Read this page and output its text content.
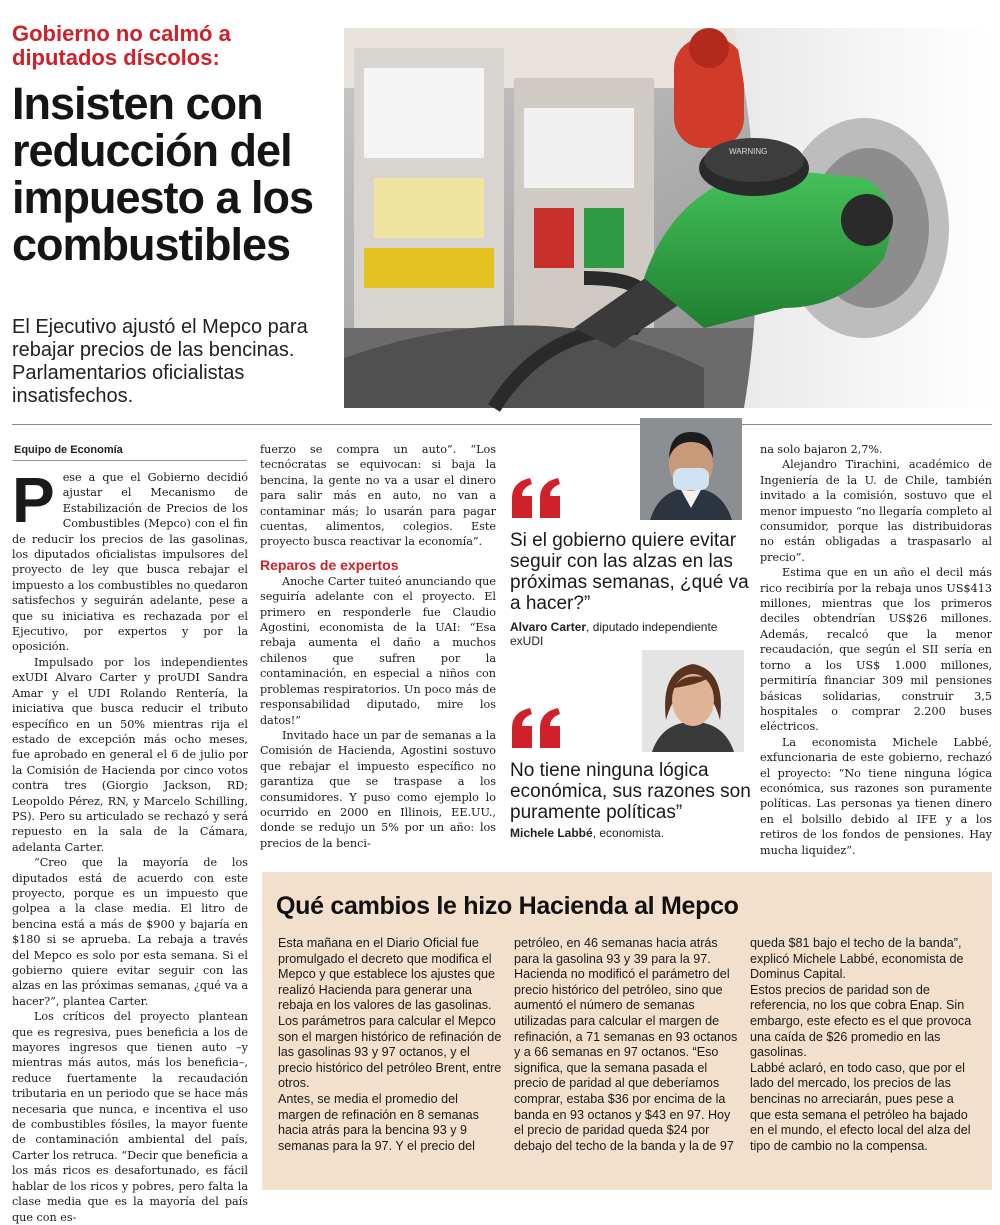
Gobierno no calmó a diputados díscolos:
Insisten con reducción del impuesto a los combustibles
El Ejecutivo ajustó el Mepco para rebajar precios de las bencinas. Parlamentarios oficialistas insatisfechos.
WARNING
Equipo de Economía

Pese a que el Gobierno decidió ajustar el Mecanismo de Estabilización de Precios de los Combustibles (Mepco) con el fin de reducir los precios de las gasolinas, los diputados oficialistas impulsores del proyecto de ley que busca rebajar el impuesto a los combustibles no quedaron satisfechos y seguirán adelante, pese a que su iniciativa es rechazada por el Ejecutivo, por expertos y por la oposición.

Impulsado por los independientes exUDI Alvaro Carter y proUDI Sandra Amar y el UDI Rolando Rentería, la iniciativa que busca reducir el tributo específico en un 50% mientras rija el estado de excepción más ocho meses, fue aprobado en general el 6 de julio por la Comisión de Hacienda por cinco votos contra tres (Giorgio Jackson, RD; Leopoldo Pérez, RN, y Marcelo Schilling, PS). Pero su articulado se rechazó y será repuesto en la sala de la Cámara, adelanta Carter.

“Creo que la mayoría de los diputados está de acuerdo con este proyecto, porque es un impuesto que golpea a la clase media. El litro de bencina está a más de $900 y bajaría en $180 si se aprueba. La rebaja a través del Mepco es solo por esta semana. Si el gobierno quiere evitar seguir con las alzas en las próximas semanas, ¿qué va a hacer?”, plantea Carter.

Los críticos del proyecto plantean que es regresiva, pues beneficia a los de mayores ingresos que tienen auto –y mientras más autos, más los beneficia–, reduce fuertamente la recaudación tributaria en un periodo que se hace más necesaria que nunca, e incentiva el uso de combustibles fósiles, la mayor fuente de contaminación ambiental del país, Carter los retruca. “Decir que beneficia a los más ricos es desafortunado, es fácil hablar de los ricos y pobres, pero falta la clase media que es la mayoría del país que con es-

fuerzo se compra un auto”. “Los tecnócratas se equivocan: si baja la bencina, la gente no va a usar el dinero para salir más en auto, no van a contaminar más; lo usarán para pagar cuentas, alimentos, colegios. Este proyecto busca reactivar la economía”.

Reparos de expertos

Anoche Carter tuiteó anunciando que seguiría adelante con el proyecto. El primero en responderle fue Claudio Agostini, economista de la UAI: “Esa rebaja aumenta el daño a muchos chilenos que sufren por la contaminación, en especial a niños con problemas respiratorios. Un poco más de responsabilidad diputado, mire los datos!”

Invitado hace un par de semanas a la Comisión de Hacienda, Agostini sostuvo que rebajar el impuesto específico no garantiza que se traspase a los consumidores. Y puso como ejemplo lo ocurrido en 2000 en Illinois, EE.UU., donde se redujo un 5% por un año: los precios de la benci-

Si el gobierno quiere evitar seguir con las alzas en las próximas semanas, ¿qué va a hacer?”
Alvaro Carter, diputado independiente exUDI
No tiene ninguna lógica económica, sus razones son puramente políticas”
Michele Labbé, economista.

na solo bajaron 2,7%.

Alejandro Tirachini, académico de Ingeniería de la U. de Chile, también invitado a la comisión, sostuvo que el menor impuesto “no llegaría completo al consumidor, porque las distribuidoras no están obligadas a traspasarlo al precio”.

Estima que en un año el decil más rico recibiría por la rebaja unos US$413 millones, mientras que los primeros deciles obtendrían US$26 millones. Además, recalcó que la menor recaudación, que según el SII sería en torno a los US$ 1.000 millones, permitiría financiar 309 mil pensiones básicas solidarias, construir 3,5 hospitales o comprar 2.200 buses eléctricos.

La economista Michele Labbé, exfuncionaria de este gobierno, rechazó el proyecto: “No tiene ninguna lógica económica, sus razones son puramente políticas. Las personas ya tienen dinero en el bolsillo debido al IFE y a los retiros de los fondos de pensiones. Hay mucha liquidez”.

Qué cambios le hizo Hacienda al Mepco

Esta mañana en el Diario Oficial fue promulgado el decreto que modifica el Mepco y que establece los ajustes que realizó Hacienda para generar una rebaja en los valores de las gasolinas.

Los parámetros para calcular el Mepco son el margen histórico de refinación de las gasolinas 93 y 97 octanos, y el precio histórico del petróleo Brent, entre otros.

Antes, se media el promedio del margen de refinación en 8 semanas hacia atrás para la bencina 93 y 9 semanas para la 97. Y el precio del

petróleo, en 46 semanas hacia atrás para la gasolina 93 y 39 para la 97.

Hacienda no modificó el parámetro del precio histórico del petróleo, sino que aumentó el número de semanas utilizadas para calcular el margen de refinación, a 71 semanas en 93 octanos y a 66 semanas en 97 octanos. “Eso significa, que la semana pasada el precio de paridad al que deberíamos comprar, estaba $36 por encima de la banda en 93 octanos y $43 en 97. Hoy el precio de paridad queda $24 por debajo del techo de la banda y la de 97

queda $81 bajo el techo de la banda”, explicó Michele Labbé, economista de Dominus Capital.

Estos precios de paridad son de referencia, no los que cobra Enap. Sin embargo, este efecto es el que provoca una caída de $26 promedio en las gasolinas.

Labbé aclaró, en todo caso, que por el lado del mercado, los precios de las bencinas no arreciarán, pues pese a que esta semana el petróleo ha bajado en el mundo, el efecto local del alza del tipo de cambio no la compensa.
